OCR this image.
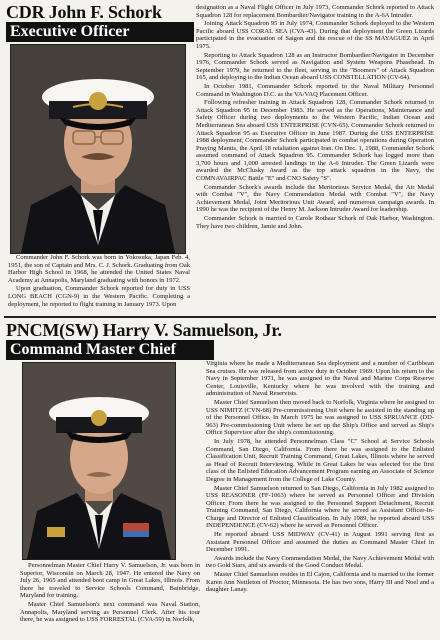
CDR John F. Schork
Executive Officer

Commander John F. Schork was born in Yokosuka, Japan Feb. 4, 1951, the son of Captain and Mrs. C. J. Schork. Graduating from Oak Harbor High School in 1968, he attended the United States Naval Academy at Annapolis, Maryland graduating with honors in 1972.

Upon graduation, Commander Schork reported for duty in USS LONG BEACH (CGN-9) in the Western Pacific. Completing a deployment, he reported to flight training in January 1973. Upon

designation as a Naval Flight Officer in July 1973, Commander Schork reported to Attack Squadron 128 for replacement Bombardier/Navigator training in the A-6A Intruder.

Joining Attack Squadron 95 in July 1974, Commander Schork deployed to the Western Pacific aboard USS CORAL SEA (CVA-43). During that deployment the Green Lizards participated in the evacuation of Saigon and the rescue of the SS MAYAGUEZ in April 1975.

Reporting to Attack Squadron 128 as an Instructor Bombardier/Navigator in December 1976, Commander Schork served as Navigation and System Weapons Phasehead. In September 1979, he returned to the fleet, serving in the "Boomers" of Attack Squadron 165, and deploying to the Indian Ocean aboard USS CONSTELLATION (CV-64).

In October 1981, Commander Schork reported to the Naval Military Personnel Command in Washington D.C. as the VA/VAQ Placement Officer.

Following refresher training in Attack Squadron 128, Commander Schork returned to Attack Squadron 95 in December 1983. He served as the Operations, Maintenance and Safety Officer during two deployments to the Western Pacific, Indian Ocean and Mediterranean Sea aboard USS ENTERPRISE (CVN-65). Commander Schork returned to Attack Squadron 95 as Executive Officer in June 1987. During the USS ENTERPRISE 1988 deployment, Commander Schork participated in combat operations during Operation Praying Mantis, the April 18 retaliation against Iran. On Dec. 1, 1988, Commander Schork assumed command of Attack Squadron 95. Commander Schork has logged more than 3,700 hours and 1,000 arrested landings in the A-6 Intruder. The Green Lizards were awarded the McClusky Award as the top attack squadron in the Navy, the COMNAVAIRPAC Battle "E" and CNO Safety "S".

Commander Schork's awards include the Meritorious Service Medal, the Air Medal with Combat "V", the Navy Commendation Medal with Combat "V", the Navy Achievement Medal, Joint Meritorious Unit Award, and numerous campaign awards. In 1990 he was the recipient of the Henry M. Jackson Intruder Award for leadership.

Commander Schork is married to Carole Rothaar Schork of Oak Harbor, Washington. They have two children, Jamie and John.

PNCM(SW) Harry V. Samuelson, Jr.
Command Master Chief

Personnelman Master Chief Harry V. Samuelson, Jr. was born in Superior, Wisconsin on March 28, 1947. He entered the Navy on July 26, 1965 and attended boot camp in Great Lakes, Illinois. From there he traveled to Service Schools Command, Bainbridge, Maryland for training.

Master Chief Samuelson's next command was Naval Station, Annapolis, Maryland serving as Personnel Clerk. After his tour there, he was assigned to USS FORRESTAL (CVA-59) in Norfolk,

Virginia where he made a Mediterranean Sea deployment and a number of Caribbean Sea cruises. He was released from active duty in October 1969. Upon his return to the Navy in September 1971, he was assigned to the Naval and Marine Corps Reserve Center, Louisville, Kentucky where he was involved with the training and administration of Naval Reservists.

Master Chief Samuelson then moved back to Norfolk, Virginia where he assigned to USS NIMITZ (CVN-68) Pre-commissioning Unit where he assisted in the standing up of the Personnel Office. In March 1975 he was assigned to USS SPRUANCE (DD-963) Pre-commissioning Unit where he set up the Ship's Office and served as Ship's Office Supervisor after the ship's commissioning.

In July 1978, he attended Personnelman Class "C" School at Service Schools Command, San Diego, California. From there he was assigned to the Enlisted Classification Unit, Recruit Training Command, Great Lakes, Illinois where he served as Head of Recruit Interviewing. While in Great Lakes he was selected for the first class of the Enlisted Education Advancement Program earning an Associate of Science Degree in Management from the College of Lake County.

Master Chief Samuelson returned to San Diego, California in July 1982 assigned to USS REASONER (FF-1063) where he served as Personnel Officer and Division Officer. From there he was assigned to the Personnel Support Detachment, Recruit Training Command, San Diego, California where he served as Assistant Officer-In-Charge and Director of Enlisted Classification. In July 1989, he reported aboard USS INDEPENDENCE (CV-62) where he served as Personnel Officer.

He reported aboard USS MIDWAY (CV-41) in August 1991 serving first as Assistant Personnel Officer and assumed the duties as Command Master Chief in December 1991.

Awards include the Navy Commendation Medal, the Navy Achievement Medal with two Gold Stars, and six awards of the Good Conduct Medal.

Master Chief Samuelson resides in El Cajon, California and is married to the former Karen Ann Nettleton of Proctor, Minnesota. He has two sons, Harry III and Noel and a daughter Lanay.
